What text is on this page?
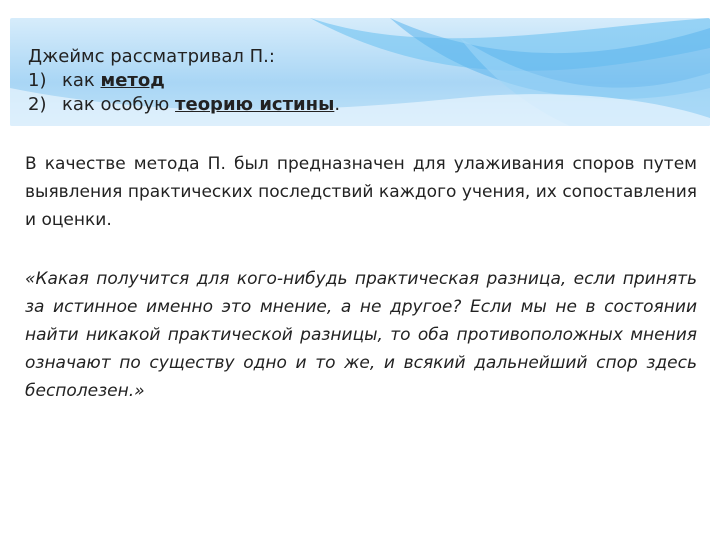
Джеймс рассматривал П.:
1) как метод
2) как особую теорию истины.
В качестве метода П. был предназначен для улаживания споров путем выявления практических последствий каждого учения, их сопоставления и оценки.
«Какая получится для кого-нибудь практическая разница, если принять за истинное именно это мнение, а не другое? Если мы не в состоянии найти никакой практической разницы, то оба противоположных мнения означают по существу одно и то же, и всякий дальнейший спор здесь бесполезен.»
